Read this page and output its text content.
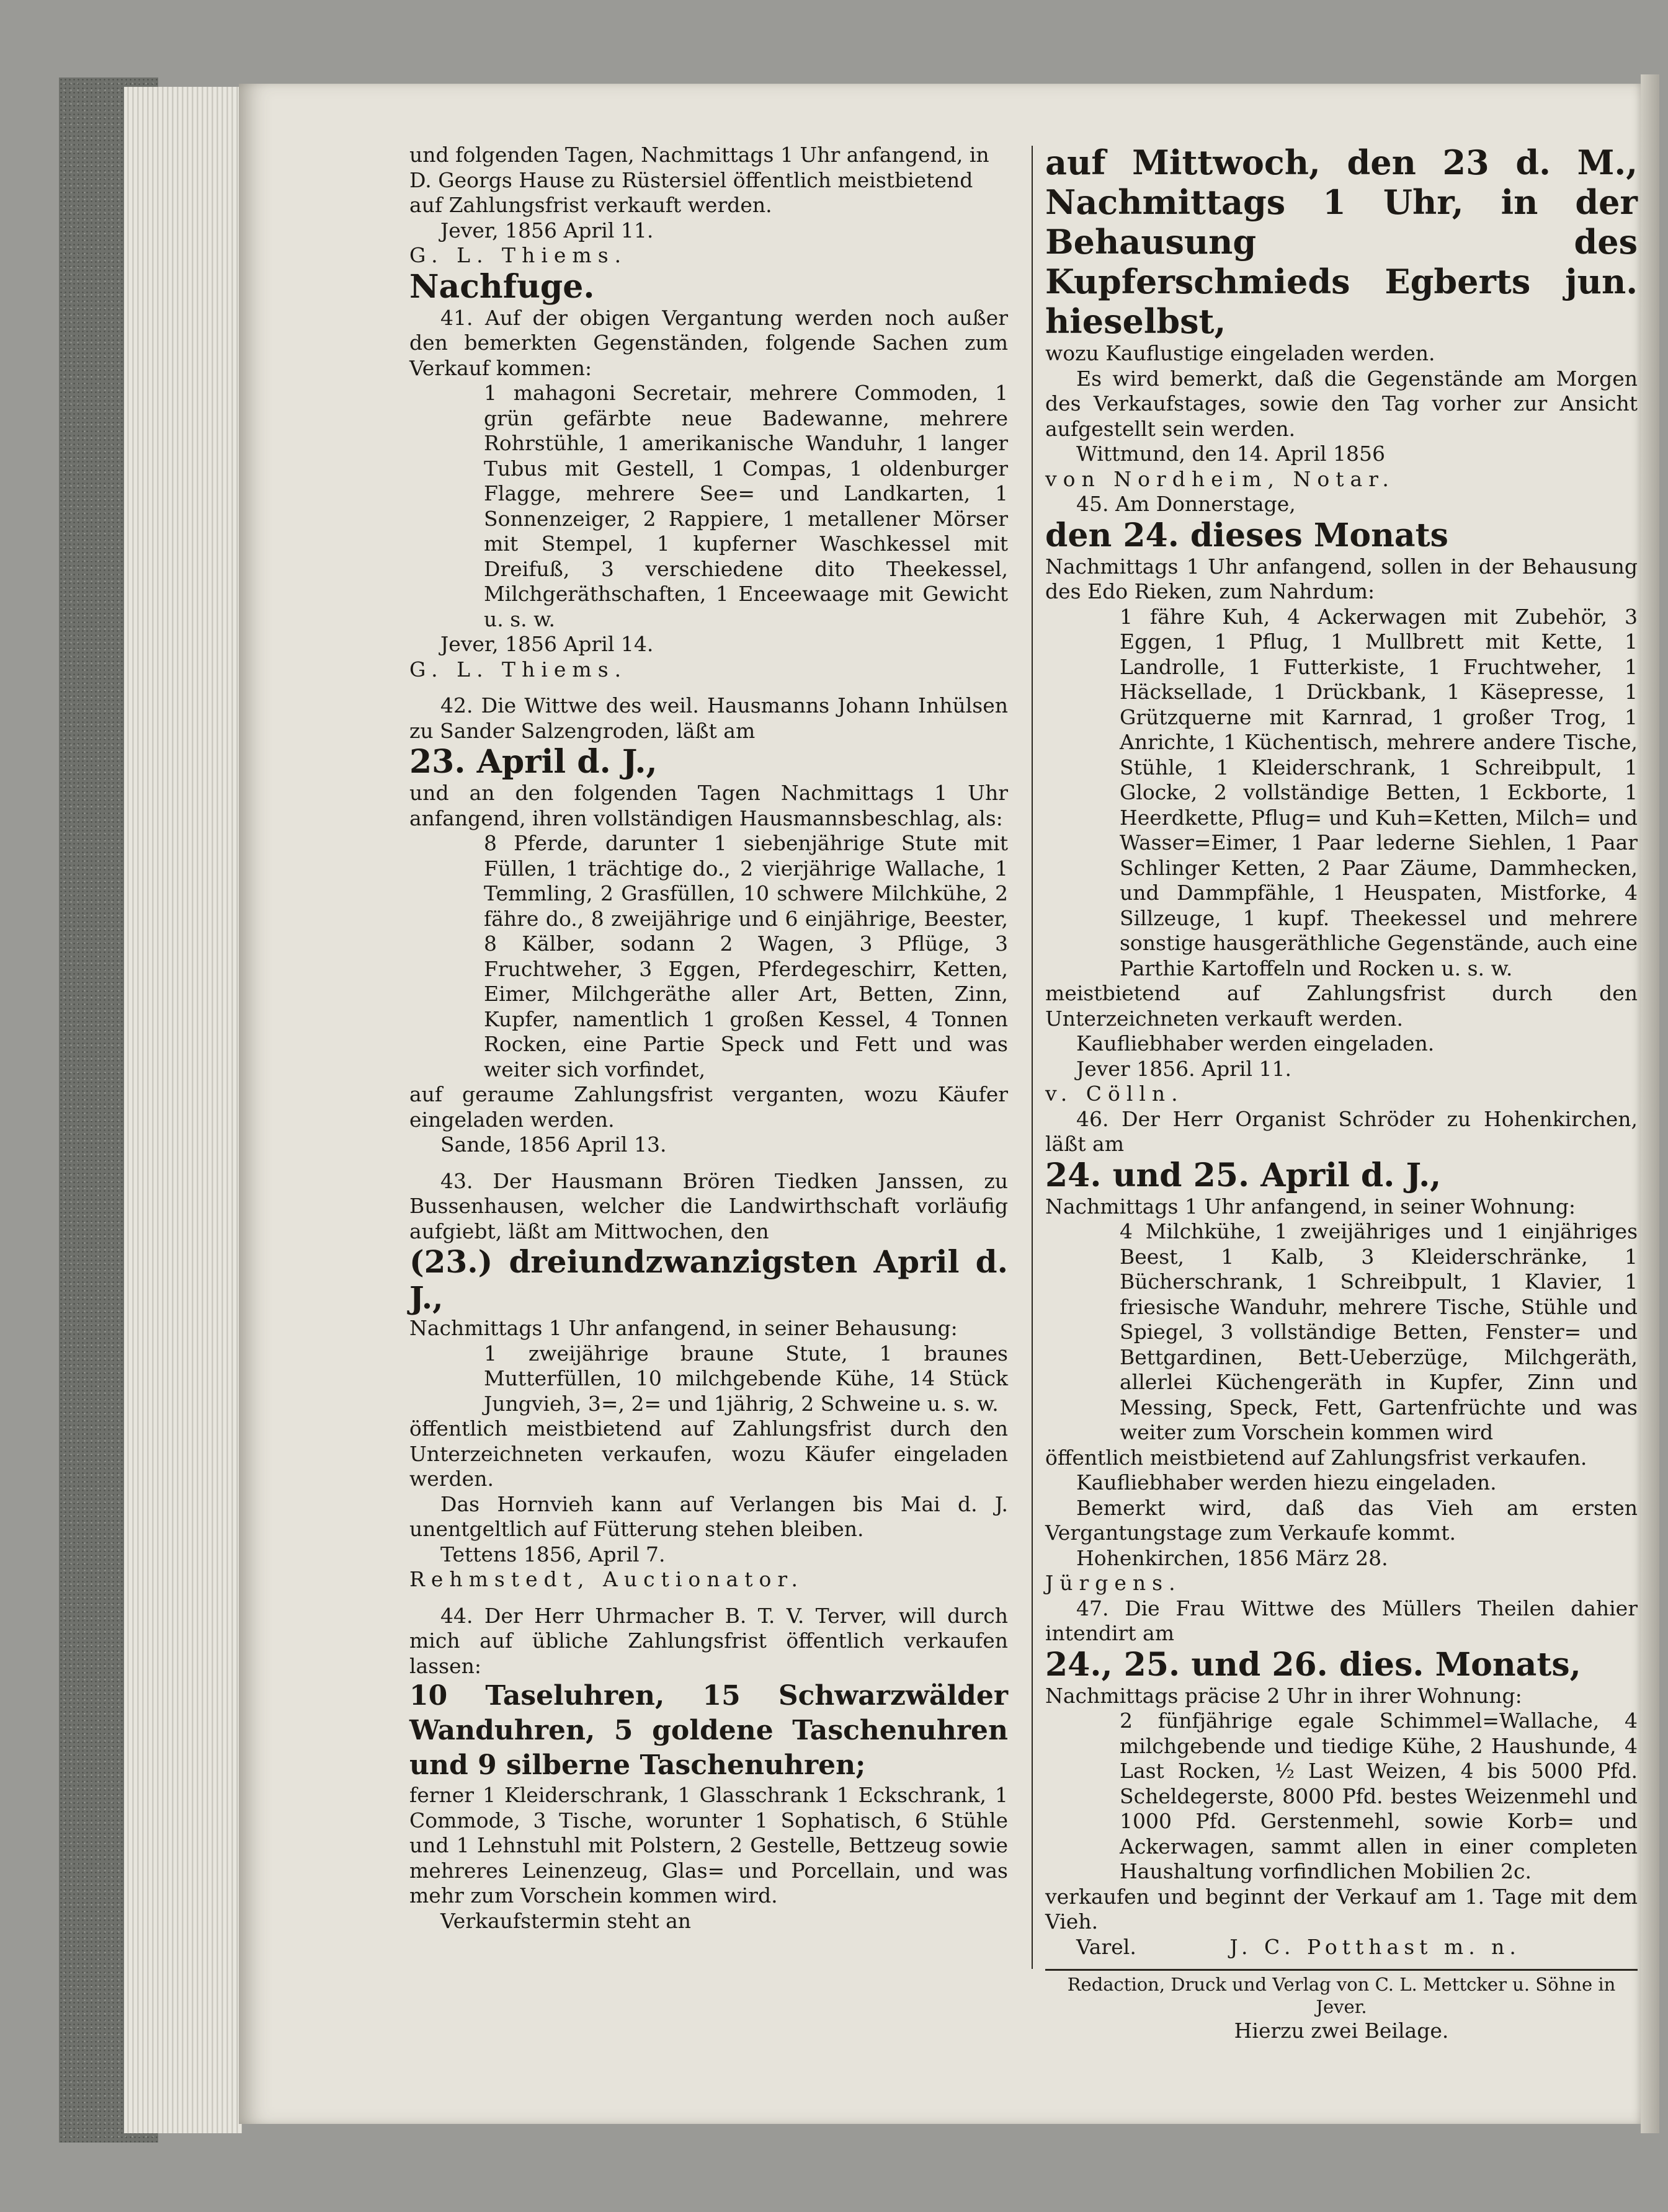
und folgenden Tagen, Nachmittags 1 Uhr anfangend, in

D. Georgs Hause zu Rüstersiel öffentlich meistbietend

auf Zahlungsfrist verkauft werden.

Jever, 1856 April 11.

G. L. Thiems.

Nachfuge.

41. Auf der obigen Vergantung werden noch außer den bemerkten Gegenständen, folgende Sachen zum Verkauf kommen:

1 mahagoni Secretair, mehrere Commoden, 1 grün gefärbte neue Badewanne, mehrere Rohrstühle, 1 amerikanische Wanduhr, 1 langer Tubus mit Gestell, 1 Compas, 1 oldenburger Flagge, mehrere See= und Landkarten, 1 Sonnenzeiger, 2 Rappiere, 1 metallener Mörser mit Stempel, 1 kupferner Waschkessel mit Dreifuß, 3 verschiedene dito Theekessel, Milchgeräthschaften, 1 Enceewaage mit Gewicht u. s. w.

Jever, 1856 April 14.

G. L. Thiems.

42. Die Wittwe des weil. Hausmanns Johann Inhülsen zu Sander Salzengroden, läßt am

23. April d. J.,

und an den folgenden Tagen Nachmittags 1 Uhr anfangend, ihren vollständigen Hausmannsbeschlag, als:

8 Pferde, darunter 1 siebenjährige Stute mit Füllen, 1 trächtige do., 2 vierjährige Wallache, 1 Temmling, 2 Grasfüllen, 10 schwere Milchkühe, 2 fähre do., 8 zweijährige und 6 einjährige, Beester, 8 Kälber, sodann 2 Wagen, 3 Pflüge, 3 Fruchtweher, 3 Eggen, Pferdegeschirr, Ketten, Eimer, Milchgeräthe aller Art, Betten, Zinn, Kupfer, namentlich 1 großen Kessel, 4 Tonnen Rocken, eine Partie Speck und Fett und was weiter sich vorfindet,

auf geraume Zahlungsfrist verganten, wozu Käufer eingeladen werden.

Sande, 1856 April 13.

43. Der Hausmann Brören Tiedken Janssen, zu Bussenhausen, welcher die Landwirthschaft vorläufig aufgiebt, läßt am Mittwochen, den

(23.) dreiundzwanzigsten April d. J.,

Nachmittags 1 Uhr anfangend, in seiner Behausung:

1 zweijährige braune Stute, 1 braunes Mutterfüllen, 10 milchgebende Kühe, 14 Stück Jungvieh, 3=, 2= und 1jährig, 2 Schweine u. s. w.

öffentlich meistbietend auf Zahlungsfrist durch den Unterzeichneten verkaufen, wozu Käufer eingeladen werden.

Das Hornvieh kann auf Verlangen bis Mai d. J. unentgeltlich auf Fütterung stehen bleiben.

Tettens 1856, April 7.

Rehmstedt, Auctionator.

44. Der Herr Uhrmacher B. T. V. Terver, will durch mich auf übliche Zahlungsfrist öffentlich verkaufen lassen:

10 Taseluhren, 15 Schwarzwälder Wanduhren, 5 goldene Taschenuhren und 9 silberne Taschenuhren;

ferner 1 Kleiderschrank, 1 Glasschrank 1 Eckschrank, 1 Commode, 3 Tische, worunter 1 Sophatisch, 6 Stühle und 1 Lehnstuhl mit Polstern, 2 Gestelle, Bettzeug sowie mehreres Leinenzeug, Glas= und Porcellain, und was mehr zum Vorschein kommen wird.

Verkaufstermin steht an

auf Mittwoch, den 23 d. M., Nachmittags 1 Uhr, in der Behausung des Kupferschmieds Egberts jun. hieselbst,

wozu Kauflustige eingeladen werden.

Es wird bemerkt, daß die Gegenstände am Morgen des Verkaufstages, sowie den Tag vorher zur Ansicht aufgestellt sein werden.

Wittmund, den 14. April 1856

von Nordheim, Notar.

45. Am Donnerstage,

den 24. dieses Monats

Nachmittags 1 Uhr anfangend, sollen in der Behausung des Edo Rieken, zum Nahrdum:

1 fähre Kuh, 4 Ackerwagen mit Zubehör, 3 Eggen, 1 Pflug, 1 Mullbrett mit Kette, 1 Landrolle, 1 Futterkiste, 1 Fruchtweher, 1 Häcksellade, 1 Drückbank, 1 Käsepresse, 1 Grützquerne mit Karnrad, 1 großer Trog, 1 Anrichte, 1 Küchentisch, mehrere andere Tische, Stühle, 1 Kleiderschrank, 1 Schreibpult, 1 Glocke, 2 vollständige Betten, 1 Eckborte, 1 Heerdkette, Pflug= und Kuh=Ketten, Milch= und Wasser=Eimer, 1 Paar lederne Siehlen, 1 Paar Schlinger Ketten, 2 Paar Zäume, Dammhecken, und Dammpfähle, 1 Heuspaten, Mistforke, 4 Sillzeuge, 1 kupf. Theekessel und mehrere sonstige hausgeräthliche Gegenstände, auch eine Parthie Kartoffeln und Rocken u. s. w.

meistbietend auf Zahlungsfrist durch den Unterzeichneten verkauft werden.

Kaufliebhaber werden eingeladen.

Jever 1856. April 11.

v. Cölln.

46. Der Herr Organist Schröder zu Hohenkirchen, läßt am

24. und 25. April d. J.,

Nachmittags 1 Uhr anfangend, in seiner Wohnung:

4 Milchkühe, 1 zweijähriges und 1 einjähriges Beest, 1 Kalb, 3 Kleiderschränke, 1 Bücherschrank, 1 Schreibpult, 1 Klavier, 1 friesische Wanduhr, mehrere Tische, Stühle und Spiegel, 3 vollständige Betten, Fenster= und Bettgardinen, Bett-Ueberzüge, Milchgeräth, allerlei Küchengeräth in Kupfer, Zinn und Messing, Speck, Fett, Gartenfrüchte und was weiter zum Vorschein kommen wird

öffentlich meistbietend auf Zahlungsfrist verkaufen.

Kaufliebhaber werden hiezu eingeladen.

Bemerkt wird, daß das Vieh am ersten Vergantungstage zum Verkaufe kommt.

Hohenkirchen, 1856 März 28.

Jürgens.

47. Die Frau Wittwe des Müllers Theilen dahier intendirt am

24., 25. und 26. dies. Monats,

Nachmittags präcise 2 Uhr in ihrer Wohnung:

2 fünfjährige egale Schimmel=Wallache, 4 milchgebende und tiedige Kühe, 2 Haushunde, 4 Last Rocken, ½ Last Weizen, 4 bis 5000 Pfd. Scheldegerste, 8000 Pfd. bestes Weizenmehl und 1000 Pfd. Gerstenmehl, sowie Korb= und Ackerwagen, sammt allen in einer completen Haushaltung vorfindlichen Mobilien 2c.

verkaufen und beginnt der Verkauf am 1. Tage mit dem Vieh.

Varel.	J. C. Potthast m. n.

Redaction, Druck und Verlag von C. L. Mettcker u. Söhne in Jever.

Hierzu zwei Beilage.
